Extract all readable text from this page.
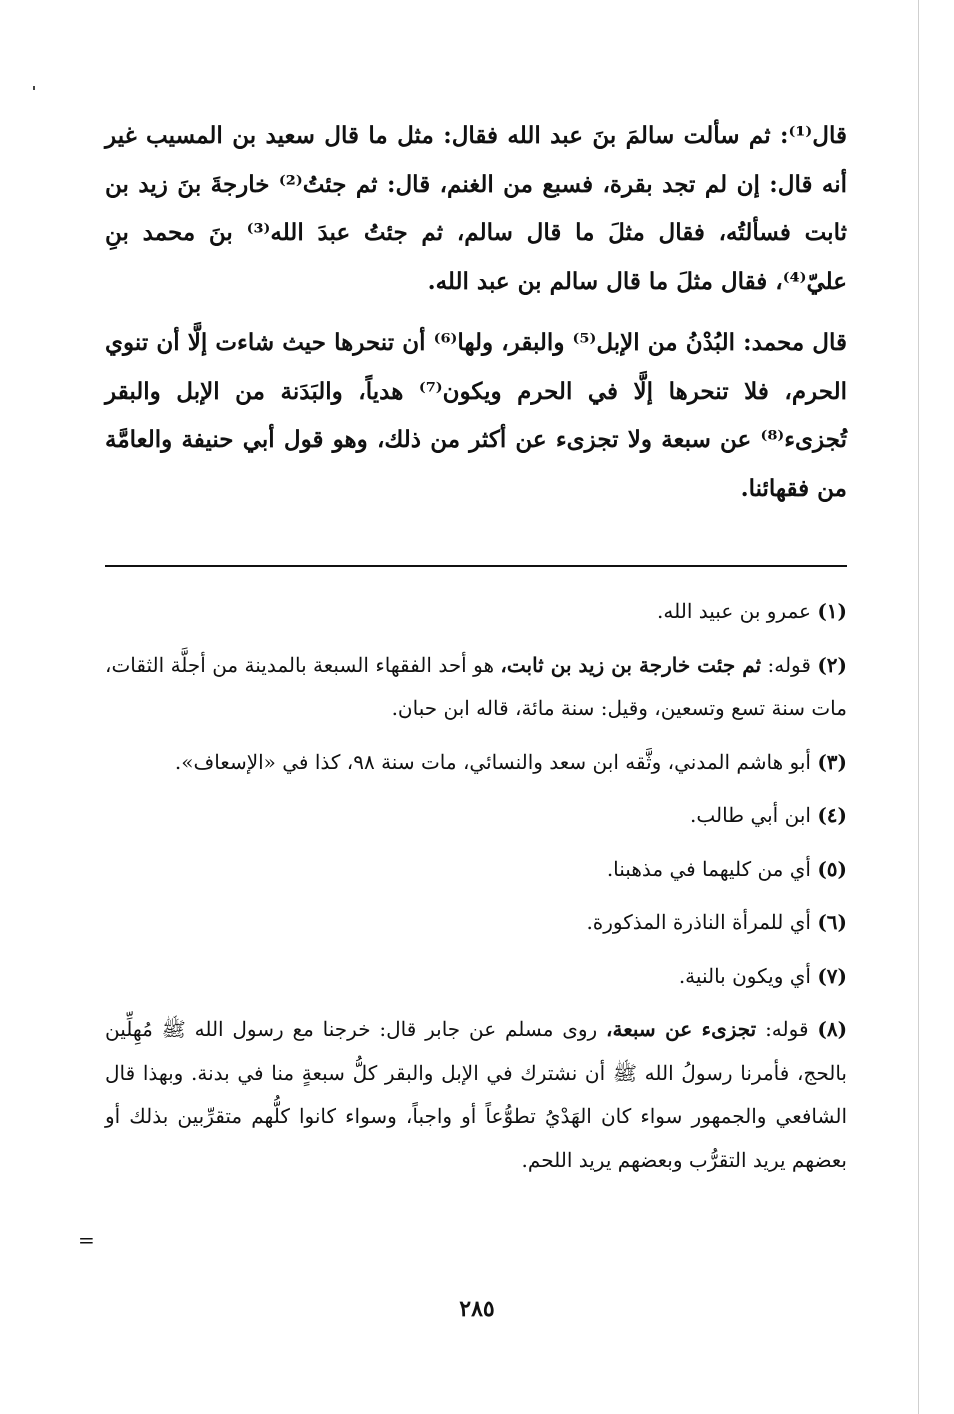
قال⁽¹⁾: ثم سألت سالمَ بنَ عبد الله فقال: مثل ما قال سعيد بن المسيب غير أنه قال: إن لم تجد بقرة، فسبع من الغنم، قال: ثم جئتُ⁽²⁾ خارجةَ بنَ زيد بن ثابت فسألتُه، فقال مثلَ ما قال سالم، ثم جئتُ عبدَ الله⁽³⁾ بنَ محمد بنِ عليّ⁽⁴⁾، فقال مثلَ ما قال سالم بن عبد الله.

قال محمد: البُدْنُ من الإبل⁽⁵⁾ والبقر، ولها⁽⁶⁾ أن تنحرها حيث شاءت إلَّا أن تنوي الحرم، فلا تنحرها إلَّا في الحرم ويكون⁽⁷⁾ هدياً، والبَدَنة من الإبل والبقر تُجزىء⁽⁸⁾ عن سبعة ولا تجزىء عن أكثر من ذلك، وهو قول أبي حنيفة والعامَّة من فقهائنا.

(١) عمرو بن عبيد الله.

(٢) قوله: ثم جئت خارجة بن زيد بن ثابت، هو أحد الفقهاء السبعة بالمدينة من أجلَّة الثقات، مات سنة تسع وتسعين، وقيل: سنة مائة، قاله ابن حبان.

(٣) أبو هاشم المدني، وثَّقه ابن سعد والنسائي، مات سنة ٩٨، كذا في «الإسعاف».

(٤) ابن أبي طالب.

(٥) أي من كليهما في مذهبنا.

(٦) أي للمرأة الناذرة المذكورة.

(٧) أي ويكون بالنية.

(٨) قوله: تجزىء عن سبعة، روى مسلم عن جابر قال: خرجنا مع رسول الله ﷺ مُهِلِّين بالحج، فأمرنا رسولُ الله ﷺ أن نشترك في الإبل والبقر كلُّ سبعةٍ منا في بدنة. وبهذا قال الشافعي والجمهور سواء كان الهَدْيُ تطوُّعاً أو واجباً، وسواء كانوا كلُّهم متقرِّبين بذلك أو بعضهم يريد التقرُّب وبعضهم يريد اللحم.

=
٢٨٥
